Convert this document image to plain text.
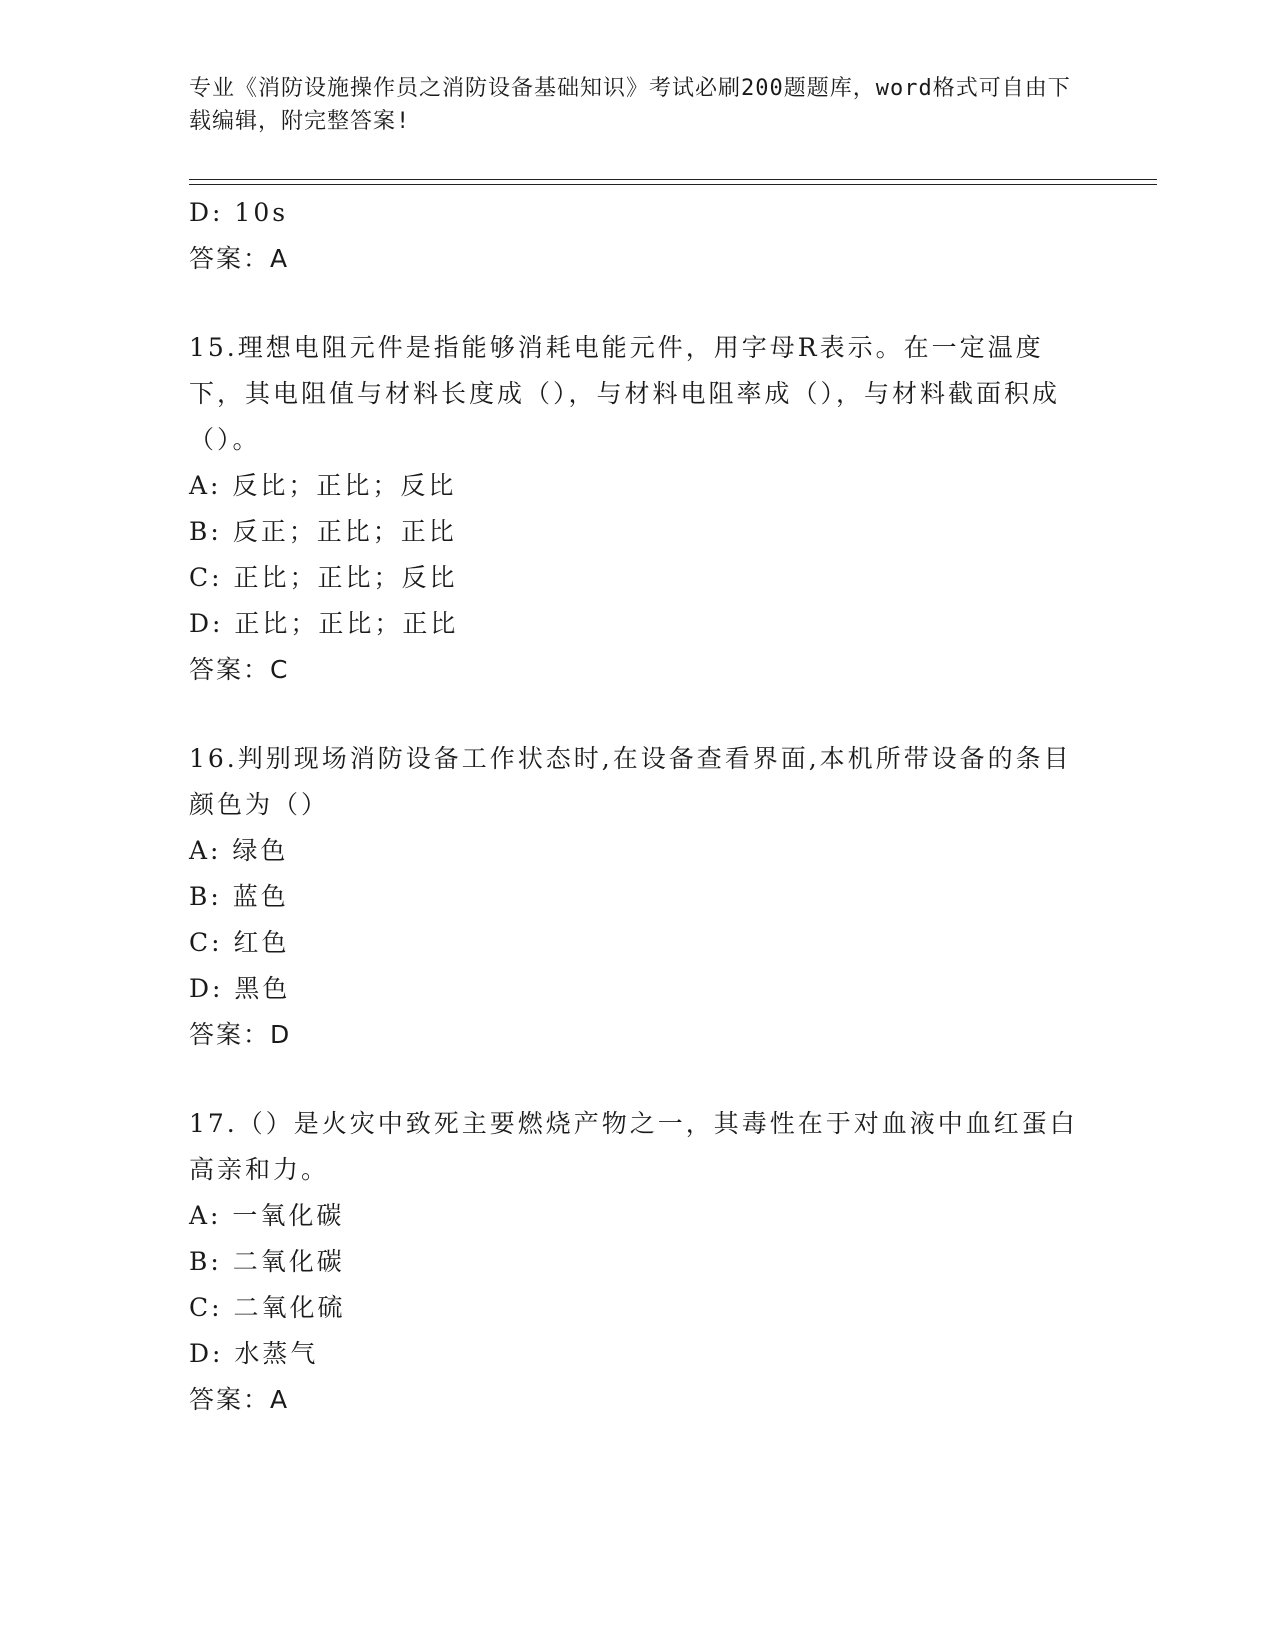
专业《消防设施操作员之消防设备基础知识》考试必刷200题题库，word格式可自由下载编辑，附完整答案!
D: 10s
答案：A
15.理想电阻元件是指能够消耗电能元件，用字母R表示。在一定温度下，其电阻值与材料长度成（），与材料电阻率成（），与材料截面积成（）。
A: 反比；正比；反比
B: 反正；正比；正比
C: 正比；正比；反比
D: 正比；正比；正比
答案：C
16.判别现场消防设备工作状态时,在设备查看界面,本机所带设备的条目颜色为（）
A: 绿色
B: 蓝色
C: 红色
D: 黑色
答案：D
17.（）是火灾中致死主要燃烧产物之一，其毒性在于对血液中血红蛋白高亲和力。
A: 一氧化碳
B: 二氧化碳
C: 二氧化硫
D: 水蒸气
答案：A
